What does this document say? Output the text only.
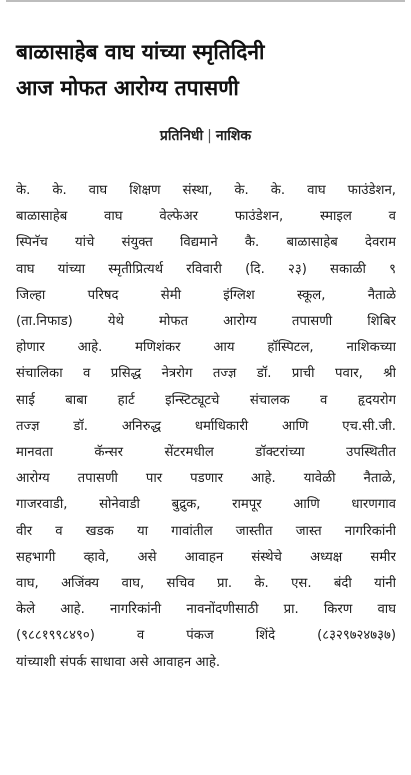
बाळासाहेब वाघ यांच्या स्मृतिदिनी
आज मोफत आरोग्य तपासणी
प्रतिनिधी | नाशिक
के. के. वाघ शिक्षण संस्था, के. के. वाघ फाउंडेशन,
बाळासाहेब वाघ वेल्फेअर फाउंडेशन, स्माइल व
स्पिनॅच यांचे संयुक्त विद्यमाने कै. बाळासाहेब देवराम
वाघ यांच्या स्मृतीप्रित्यर्थ रविवारी (दि. २३) सकाळी ९
जिल्हा परिषद सेमी इंग्लिश स्कूल, नैताळे
(ता.निफाड) येथे मोफत आरोग्य तपासणी शिबिर
होणार आहे. मणिशंकर आय हॉस्पिटल, नाशिकच्या
संचालिका व प्रसिद्ध नेत्ररोग तज्ज्ञ डॉ. प्राची पवार, श्री
साई बाबा हार्ट इन्स्टिट्यूटचे संचालक व हृदयरोग
तज्ज्ञ डॉ. अनिरुद्ध धर्माधिकारी आणि एच.सी.जी.
मानवता कॅन्सर सेंटरमधील डॉक्टरांच्या उपस्थितीत
आरोग्य तपासणी पार पडणार आहे. यावेळी नैताळे,
गाजरवाडी, सोनेवाडी बुद्रुक, रामपूर आणि धारणगाव
वीर व खडक या गावांतील जास्तीत जास्त नागरिकांनी
सहभागी व्हावे, असे आवाहन संस्थेचे अध्यक्ष समीर
वाघ, अजिंक्य वाघ, सचिव प्रा. के. एस. बंदी यांनी
केले आहे. नागरिकांनी नावनोंदणीसाठी प्रा. किरण वाघ
(९८८१९९८४९०) व पंकज शिंदे (८३२९७२४७३७)
यांच्याशी संपर्क साधावा असे आवाहन आहे.
